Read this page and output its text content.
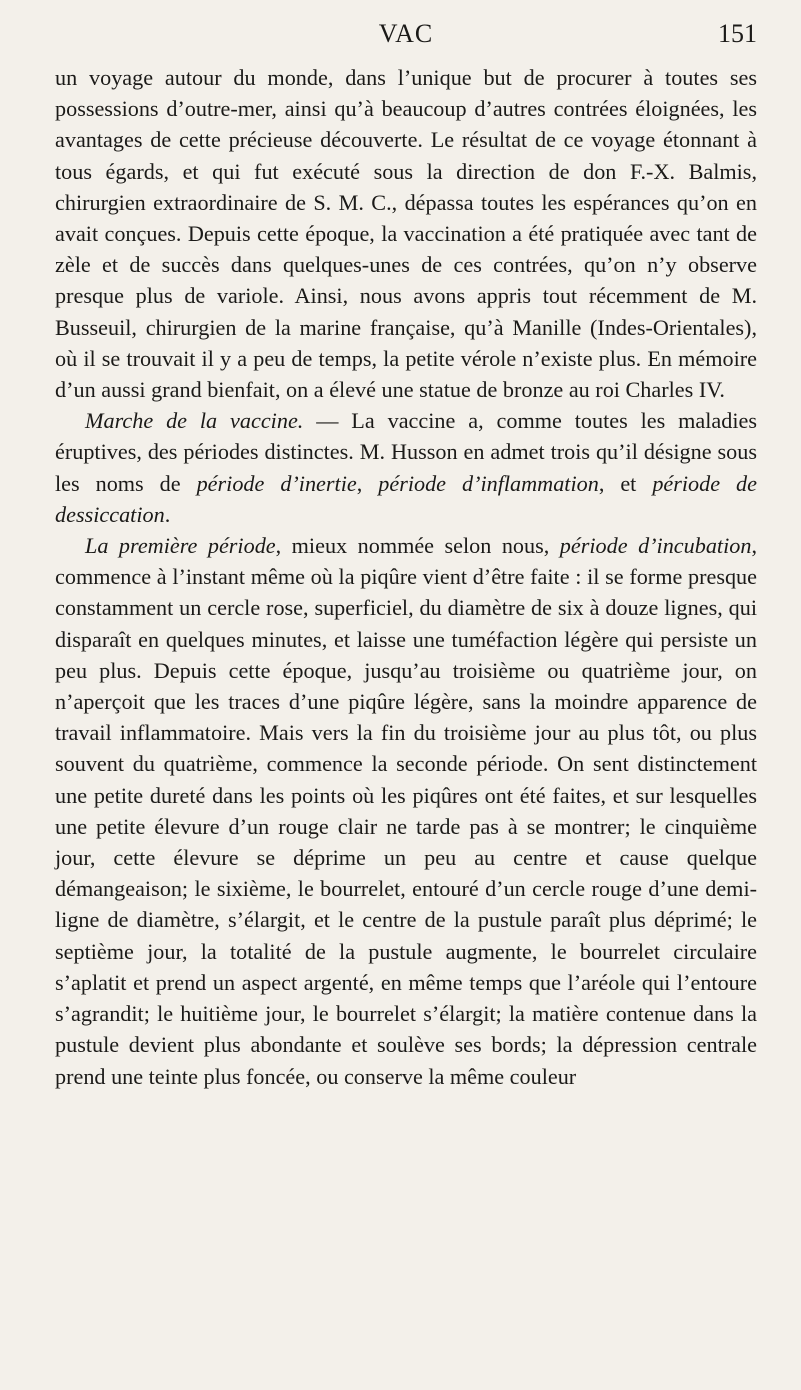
VAC	151

un voyage autour du monde, dans l’unique but de procurer à toutes ses possessions d’outre-mer, ainsi qu’à beaucoup d’autres contrées éloignées, les avantages de cette précieuse découverte. Le résultat de ce voyage étonnant à tous égards, et qui fut exécuté sous la direction de don F.-X. Balmis, chirurgien extraordinaire de S. M. C., dépassa toutes les espérances qu’on en avait conçues. Depuis cette époque, la vaccination a été pratiquée avec tant de zèle et de succès dans quelques-unes de ces contrées, qu’on n’y observe presque plus de variole. Ainsi, nous avons appris tout récemment de M. Busseuil, chirurgien de la marine française, qu’à Manille (Indes-Orientales), où il se trouvait il y a peu de temps, la petite vérole n’existe plus. En mémoire d’un aussi grand bienfait, on a élevé une statue de bronze au roi Charles IV.

Marche de la vaccine. — La vaccine a, comme toutes les maladies éruptives, des périodes distinctes. M. Husson en admet trois qu’il désigne sous les noms de période d’inertie, période d’inflammation, et période de dessiccation.

La première période, mieux nommée selon nous, période d’incubation, commence à l’instant même où la piqûre vient d’être faite : il se forme presque constamment un cercle rose, superficiel, du diamètre de six à douze lignes, qui disparaît en quelques minutes, et laisse une tuméfaction légère qui persiste un peu plus. Depuis cette époque, jusqu’au troisième ou quatrième jour, on n’aperçoit que les traces d’une piqûre légère, sans la moindre apparence de travail inflammatoire. Mais vers la fin du troisième jour au plus tôt, ou plus souvent du quatrième, commence la seconde période. On sent distinctement une petite dureté dans les points où les piqûres ont été faites, et sur lesquelles une petite élevure d’un rouge clair ne tarde pas à se montrer; le cinquième jour, cette élevure se déprime un peu au centre et cause quelque démangeaison; le sixième, le bourrelet, entouré d’un cercle rouge d’une demi-ligne de diamètre, s’élargit, et le centre de la pustule paraît plus déprimé; le septième jour, la totalité de la pustule augmente, le bourrelet circulaire s’aplatit et prend un aspect argenté, en même temps que l’aréole qui l’entoure s’agrandit; le huitième jour, le bourrelet s’élargit; la matière contenue dans la pustule devient plus abondante et soulève ses bords; la dépression centrale prend une teinte plus foncée, ou conserve la même couleur
